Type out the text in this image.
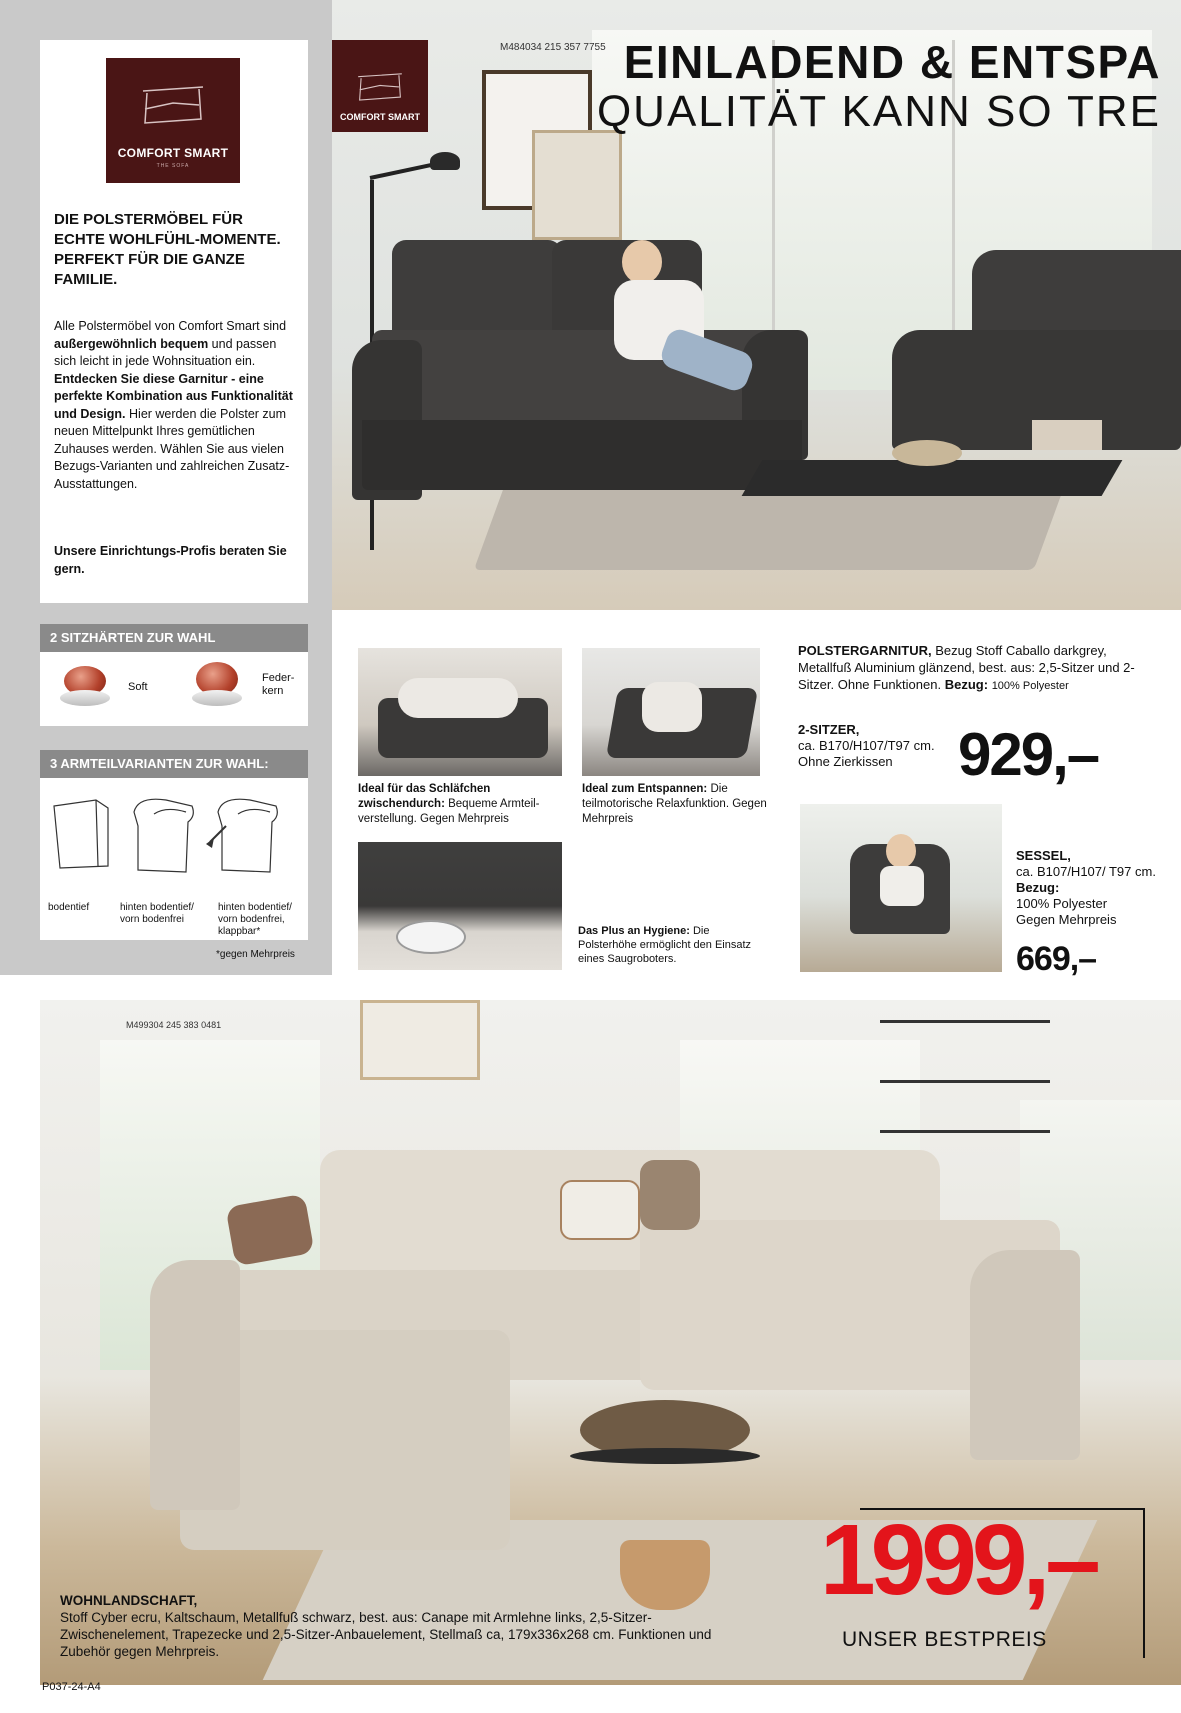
COMFORT SMART
THE SOFA
DIE POLSTERMÖBEL FÜR ECHTE WOHLFÜHL-MOMENTE. PERFEKT FÜR DIE GANZE FAMILIE.
Alle Polstermöbel von Comfort Smart sind außergewöhnlich bequem und passen sich leicht in jede Wohnsituation ein. Entdecken Sie diese Garnitur - eine perfekte Kombination aus Funktionalität und Design. Hier werden die Polster zum neuen Mittelpunkt Ihres gemütlichen Zuhauses werden. Wählen Sie aus vielen Bezugs-Varianten und zahlreichen Zusatz-Ausstattungen.
Unsere Einrichtungs-Profis beraten Sie gern.
2 SITZHÄRTEN ZUR WAHL
Soft
Feder-kern
3 ARMTEILVARIANTEN ZUR WAHL:
bodentief	hinten bodentief/ vorn bodenfrei
hinten bodentief/ vorn bodenfrei, klappbar*
*gegen Mehrpreis
COMFORT SMART
M484034 215 357 7755 EINLADEND & ENTSPA
QUALITÄT KANN SO TRE
Ideal für das Schläfchen zwischendurch: Bequeme Armteil-verstellung. Gegen Mehrpreis
Ideal zum Entspannen: Die teilmotorische Relaxfunktion. Gegen Mehrpreis
Das Plus an Hygiene: Die Polsterhöhe ermöglicht den Einsatz eines Saugroboters.
POLSTERGARNITUR, Bezug Stoff Caballo darkgrey, Metallfuß Aluminium glänzend, best. aus: 2,5-Sitzer und 2-Sitzer. Ohne Funktionen. Bezug: 100% Polyester
2-SITZER,
ca. B170/H107/T97 cm.
Ohne Zierkissen	929,–
SESSEL,
ca. B107/H107/ T97 cm. Bezug:
100% Polyester
Gegen Mehrpreis
669,–
M499304 245 383 0481
WOHNLANDSCHAFT,
Stoff Cyber ecru, Kaltschaum, Metallfuß schwarz, best. aus: Canape mit Armlehne links, 2,5-Sitzer-Zwischenelement, Trapezecke und 2,5-Sitzer-Anbauelement, Stellmaß ca, 179x336x268 cm. Funktionen und Zubehör gegen Mehrpreis.
1999,–
UNSER BESTPREIS
P037-24-A4
